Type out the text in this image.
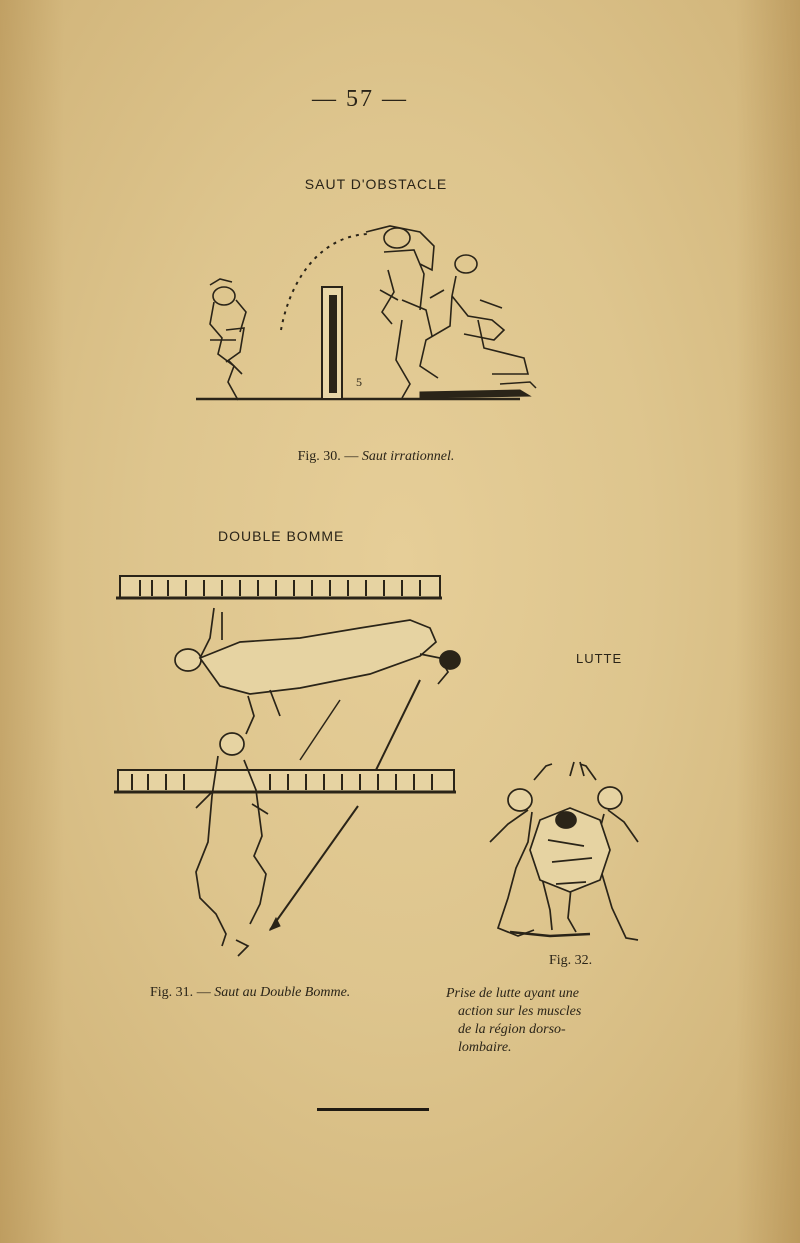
— 57 —
SAUT D'OBSTACLE
5
Fig. 30. — Saut irrationnel.
DOUBLE BOMME
Fig. 31. — Saut au Double Bomme.
LUTTE
Fig. 32.
Prise de lutte ayant une
action sur les muscles
de la région dorso-
lombaire.
